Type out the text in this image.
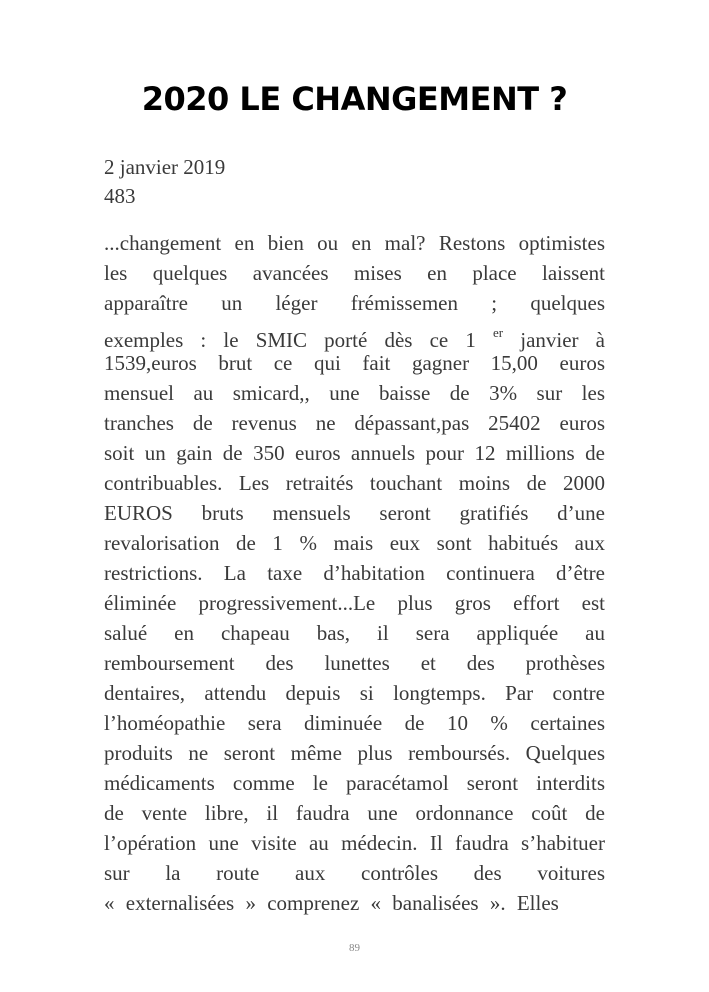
2020 LE CHANGEMENT ?
2 janvier 2019
483
...changement en bien ou en mal? Restons optimistes
les quelques avancées mises en place laissent
apparaître un léger frémissemen ; quelques
exemples : le SMIC porté dès ce 1 $^{er}$ janvier à
1539,euros brut ce qui fait gagner 15,00 euros
mensuel au smicard,, une baisse de 3% sur les
tranches de revenus ne dépassant,pas 25402 euros
soit un gain de 350 euros annuels pour 12 millions de
contribuables. Les retraités touchant moins de 2000
EUROS bruts mensuels seront gratifiés d’une
revalorisation de 1 % mais eux sont habitués aux
restrictions. La taxe d’habitation continuera d’être
éliminée progressivement...Le plus gros effort est
salué en chapeau bas, il sera appliquée au
remboursement des lunettes et des prothèses
dentaires, attendu depuis si longtemps. Par contre
l’homéopathie sera diminuée de 10 % certaines
produits ne seront même plus remboursés. Quelques
médicaments comme le paracétamol seront interdits
de vente libre, il faudra une ordonnance coût de
l’opération une visite au médecin. Il faudra s’habituer
sur la route aux contrôles des voitures
« externalisées » comprenez « banalisées ». Elles
89
